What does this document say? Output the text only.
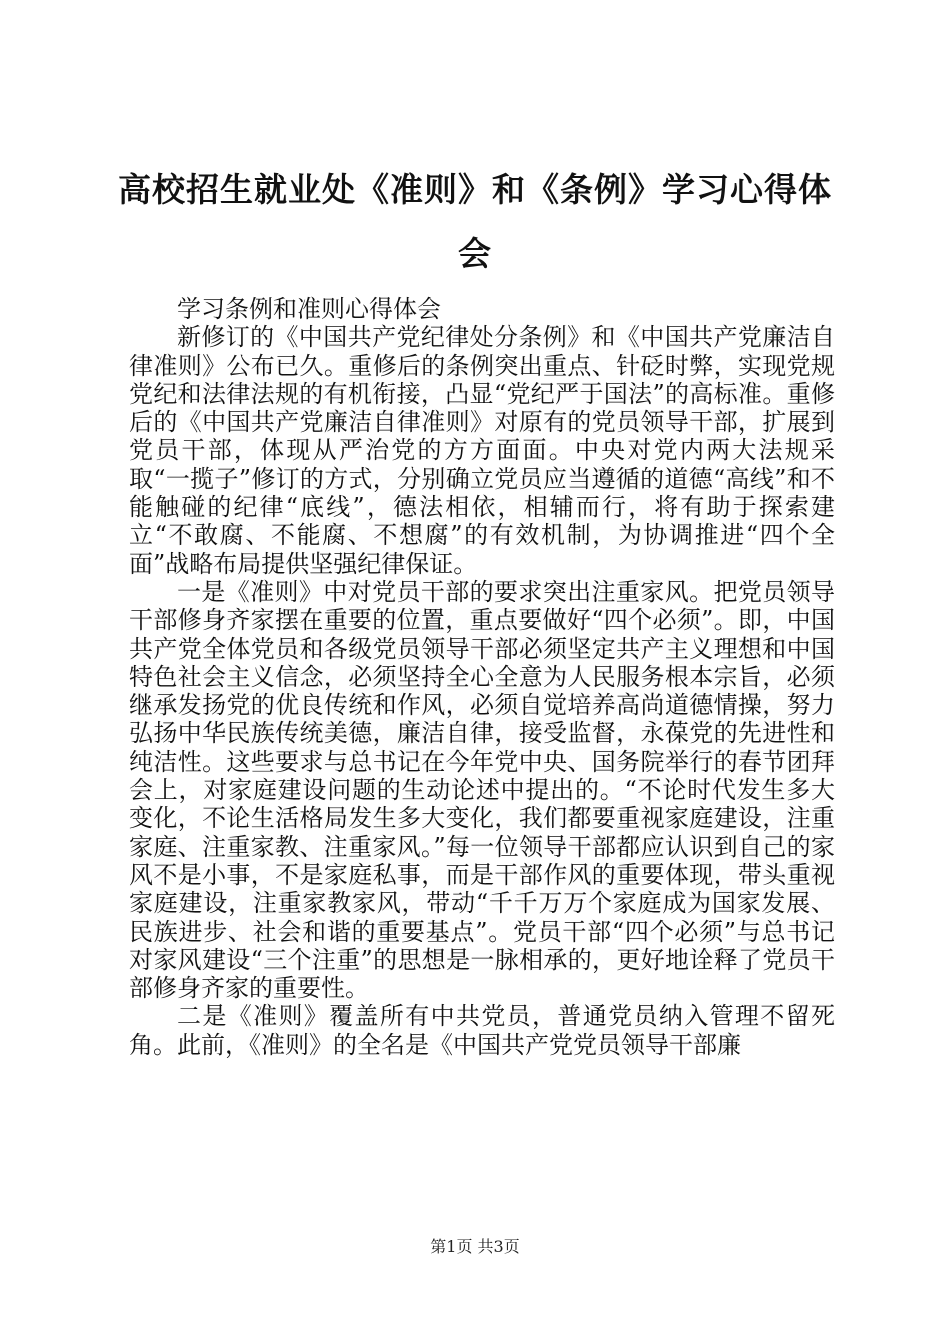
高校招生就业处《准则》和《条例》学习心得体会

学习条例和准则心得体会

新修订的《中国共产党纪律处分条例》和《中国共产党廉洁自律准则》公布已久。重修后的条例突出重点、针砭时弊，实现党规党纪和法律法规的有机衔接，凸显“党纪严于国法”的高标准。重修后的《中国共产党廉洁自律准则》对原有的党员领导干部，扩展到党员干部，体现从严治党的方方面面。中央对党内两大法规采取“一揽子”修订的方式，分别确立党员应当遵循的道德“高线”和不能触碰的纪律“底线”，德法相依，相辅而行，将有助于探索建立“不敢腐、不能腐、不想腐”的有效机制，为协调推进“四个全面”战略布局提供坚强纪律保证。

一是《准则》中对党员干部的要求突出注重家风。把党员领导干部修身齐家摆在重要的位置，重点要做好“四个必须”。即，中国共产党全体党员和各级党员领导干部必须坚定共产主义理想和中国特色社会主义信念，必须坚持全心全意为人民服务根本宗旨，必须继承发扬党的优良传统和作风，必须自觉培养高尚道德情操，努力弘扬中华民族传统美德，廉洁自律，接受监督，永葆党的先进性和纯洁性。这些要求与总书记在今年党中央、国务院举行的春节团拜会上，对家庭建设问题的生动论述中提出的。“不论时代发生多大变化，不论生活格局发生多大变化，我们都要重视家庭建设，注重家庭、注重家教、注重家风。”每一位领导干部都应认识到自己的家风不是小事，不是家庭私事，而是干部作风的重要体现，带头重视家庭建设，注重家教家风，带动“千千万万个家庭成为国家发展、民族进步、社会和谐的重要基点”。党员干部“四个必须”与总书记对家风建设“三个注重”的思想是一脉相承的，更好地诠释了党员干部修身齐家的重要性。

二是《准则》覆盖所有中共党员，普通党员纳入管理不留死角。此前，《准则》的全名是《中国共产党党员领导干部廉

第1页 共3页
